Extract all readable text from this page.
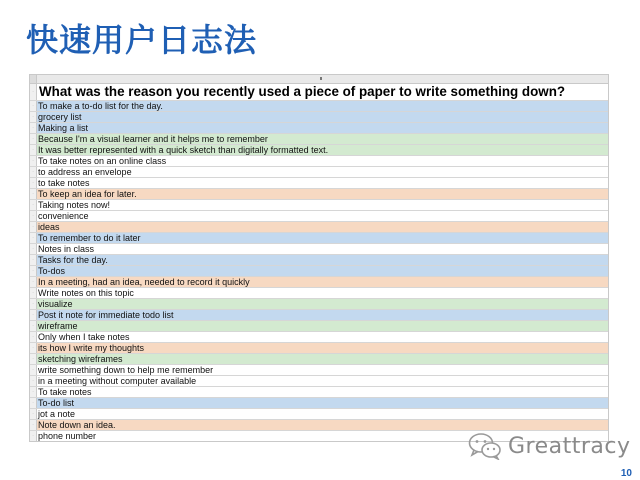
快速用户日志法
· What was the reason you recently used a piece of paper to write something down?
· To make a to-do list for the day.
· grocery list
· Making a list
· Because I'm a visual learner and it helps me to remember
· It was better represented with a quick sketch than digitally formatted text.
· To take notes on an online class
· to address an envelope
· to take notes
· To keep an idea for later.
· Taking notes now!
· convenience
· ideas
· To remember to do it later
· Notes in class
· Tasks for the day.
· To-dos
· In a meeting, had an idea, needed to record it quickly
· Write notes on this topic
· visualize
· Post it note for immediate todo list
· wireframe
· Only when I take notes
· its how I write my thoughts
· sketching wireframes
· write something down to help me remember
· in a meeting without computer available
· To take notes
· To-do list
· jot a note
· Note down an idea.
· phone number	Greattracy
10
